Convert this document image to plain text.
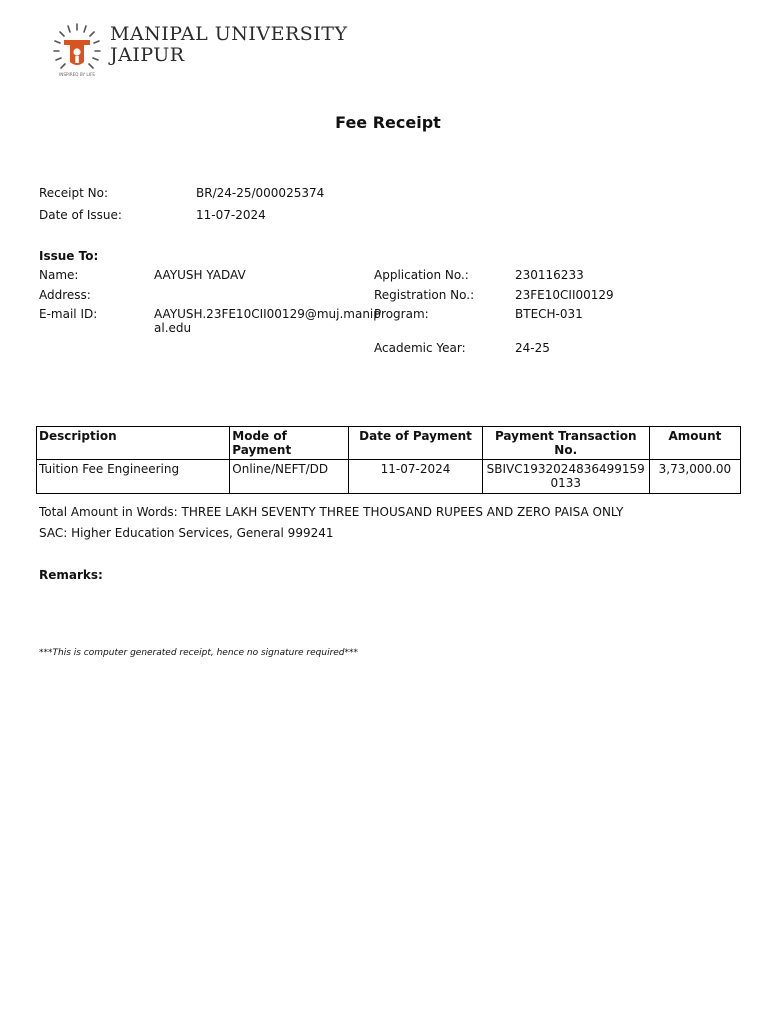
INSPIRED BY LIFE
MANIPAL UNIVERSITY
JAIPUR
Fee Receipt
Receipt No:	BR/24-25/000025374
Date of Issue:	11-07-2024
Issue To:
Name:	AAYUSH YADAV	Application No.:	230116233
Address:	Registration No.:	23FE10CII00129
E-mail ID:	AAYUSH.23FE10CII00129@muj.manip
al.edu
Program:	BTECH-031
Academic Year:	24-25
Description	Mode of Payment	Date of Payment	Payment Transaction No.	Amount
Tuition Fee Engineering	Online/NEFT/DD	11-07-2024	SBIVC19320248364991590133	3,73,000.00
Total Amount in Words: THREE LAKH SEVENTY THREE THOUSAND RUPEES AND ZERO PAISA ONLY
SAC: Higher Education Services, General 999241
Remarks:
***This is computer generated receipt, hence no signature required***
